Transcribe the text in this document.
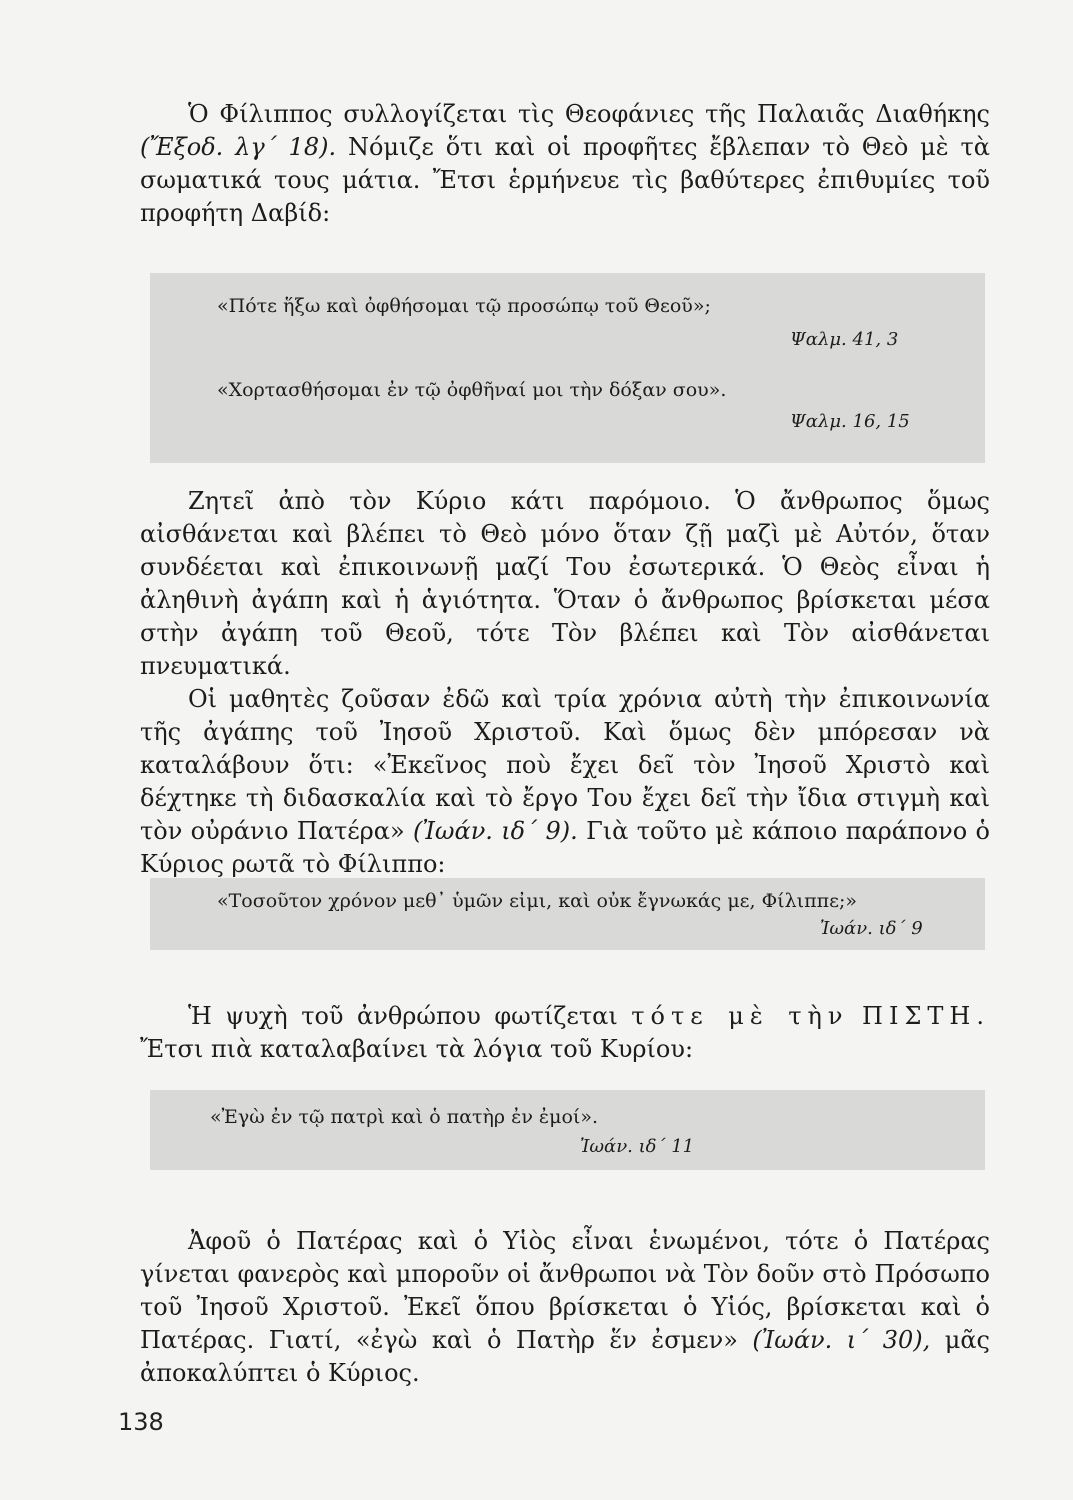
Ὁ Φίλιππος συλλογίζεται τὶς Θεοφάνιες τῆς Παλαιᾶς Διαθήκης (Ἔξοδ. λγ΄ 18). Νόμιζε ὅτι καὶ οἱ προφῆτες ἔβλεπαν τὸ Θεὸ μὲ τὰ σωματικά τους μάτια. Ἔτσι ἑρμήνευε τὶς βαθύτερες ἐπιθυμίες τοῦ προφήτη Δαβίδ:

«Πότε ἥξω καὶ ὀφθήσομαι τῷ προσώπῳ τοῦ Θεοῦ»;
Ψαλμ. 41, 3
«Χορτασθήσομαι ἐν τῷ ὀφθῆναί μοι τὴν δόξαν σου».
Ψαλμ. 16, 15

Ζητεῖ ἀπὸ τὸν Κύριο κάτι παρόμοιο. Ὁ ἄνθρωπος ὅμως αἰσθάνεται καὶ βλέπει τὸ Θεὸ μόνο ὅταν ζῇ μαζὶ μὲ Αὐτόν, ὅταν συνδέεται καὶ ἐπικοινωνῇ μαζί Του ἐσωτερικά. Ὁ Θεὸς εἶναι ἡ ἀληθινὴ ἀγάπη καὶ ἡ ἁγιότητα. Ὅταν ὁ ἄνθρωπος βρίσκεται μέσα στὴν ἀγάπη τοῦ Θεοῦ, τότε Τὸν βλέπει καὶ Τὸν αἰσθάνεται πνευματικά.

Οἱ μαθητὲς ζοῦσαν ἐδῶ καὶ τρία χρόνια αὐτὴ τὴν ἐπικοινωνία τῆς ἀγάπης τοῦ Ἰησοῦ Χριστοῦ. Καὶ ὅμως δὲν μπόρεσαν νὰ καταλάβουν ὅτι: «Ἐκεῖνος ποὺ ἔχει δεῖ τὸν Ἰησοῦ Χριστὸ καὶ δέχτηκε τὴ διδασκαλία καὶ τὸ ἔργο Του ἔχει δεῖ τὴν ἴδια στιγμὴ καὶ τὸν οὐράνιο Πατέρα» (Ἰωάν. ιδ΄ 9). Γιὰ τοῦτο μὲ κάποιο παράπονο ὁ Κύριος ρωτᾶ τὸ Φίλιππο:

«Τοσοῦτον χρόνον μεθ᾽ ὑμῶν εἰμι, καὶ οὐκ ἔγνωκάς με, Φίλιππε;»
Ἰωάν. ιδ΄ 9

Ἡ ψυχὴ τοῦ ἀνθρώπου φωτίζεται τότε μὲ τὴν ΠΙΣΤΗ. Ἔτσι πιὰ καταλαβαίνει τὰ λόγια τοῦ Κυρίου:

«Ἐγὼ ἐν τῷ πατρὶ καὶ ὁ πατὴρ ἐν ἐμοί».
Ἰωάν. ιδ΄ 11

Ἀφοῦ ὁ Πατέρας καὶ ὁ Υἱὸς εἶναι ἑνωμένοι, τότε ὁ Πατέρας γίνεται φανερὸς καὶ μποροῦν οἱ ἄνθρωποι νὰ Τὸν δοῦν στὸ Πρόσωπο τοῦ Ἰησοῦ Χριστοῦ. Ἐκεῖ ὅπου βρίσκεται ὁ Υἱός, βρίσκεται καὶ ὁ Πατέρας. Γιατί, «ἐγὼ καὶ ὁ Πατὴρ ἕν ἐσμεν» (Ἰωάν. ι΄ 30), μᾶς ἀποκαλύπτει ὁ Κύριος.

138
